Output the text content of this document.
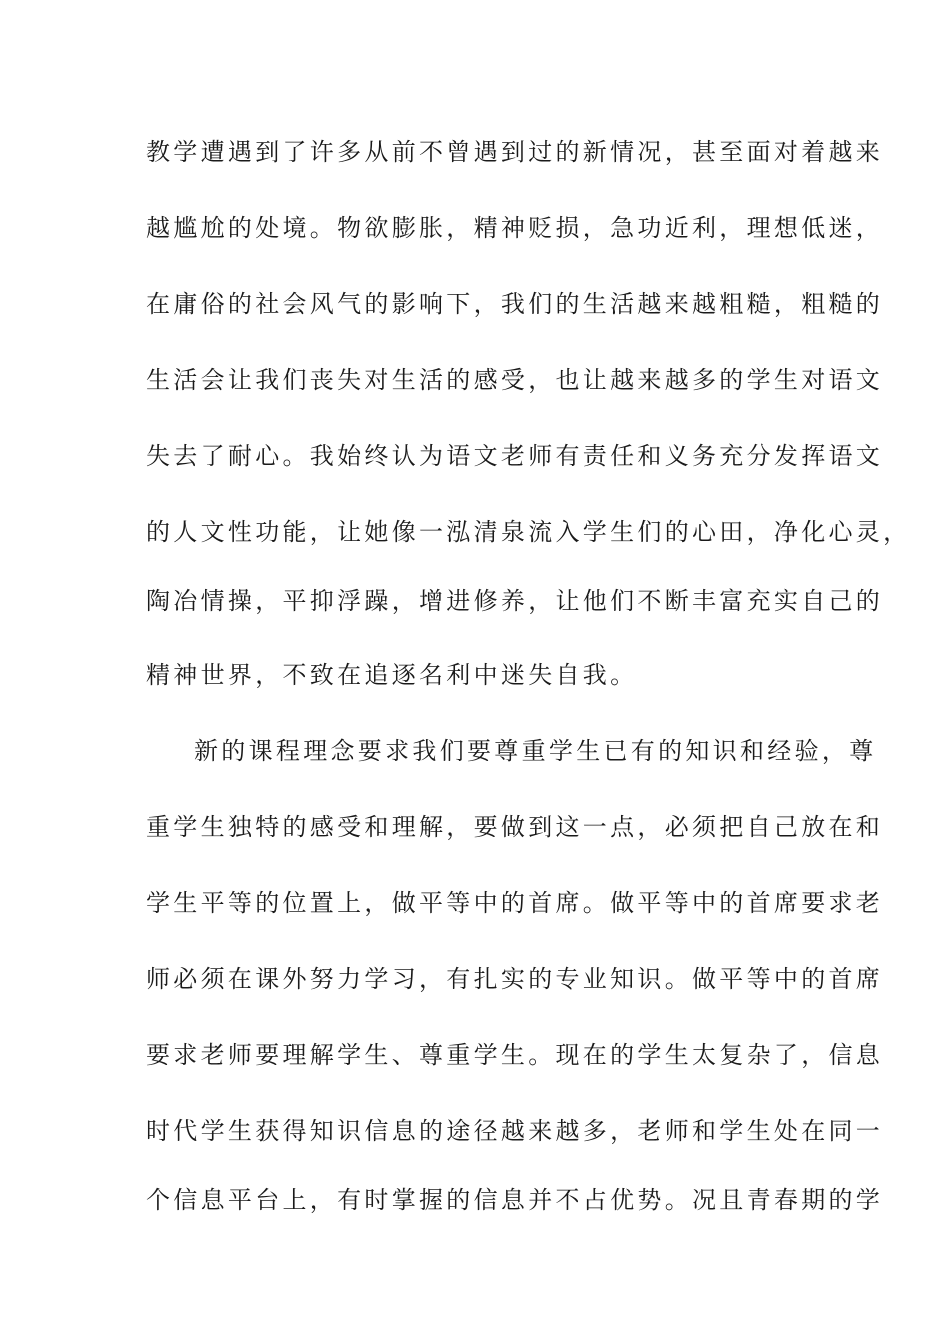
教学遭遇到了许多从前不曾遇到过的新情况，甚至面对着越来
越尴尬的处境。物欲膨胀，精神贬损，急功近利，理想低迷，
在庸俗的社会风气的影响下，我们的生活越来越粗糙，粗糙的
生活会让我们丧失对生活的感受，也让越来越多的学生对语文
失去了耐心。我始终认为语文老师有责任和义务充分发挥语文
的人文性功能，让她像一泓清泉流入学生们的心田，净化心灵，
陶冶情操，平抑浮躁，增进修养，让他们不断丰富充实自己的
精神世界，不致在追逐名利中迷失自我。
新的课程理念要求我们要尊重学生已有的知识和经验，尊
重学生独特的感受和理解，要做到这一点，必须把自己放在和
学生平等的位置上，做平等中的首席。做平等中的首席要求老
师必须在课外努力学习，有扎实的专业知识。做平等中的首席
要求老师要理解学生、尊重学生。现在的学生太复杂了，信息
时代学生获得知识信息的途径越来越多，老师和学生处在同一
个信息平台上，有时掌握的信息并不占优势。况且青春期的学
